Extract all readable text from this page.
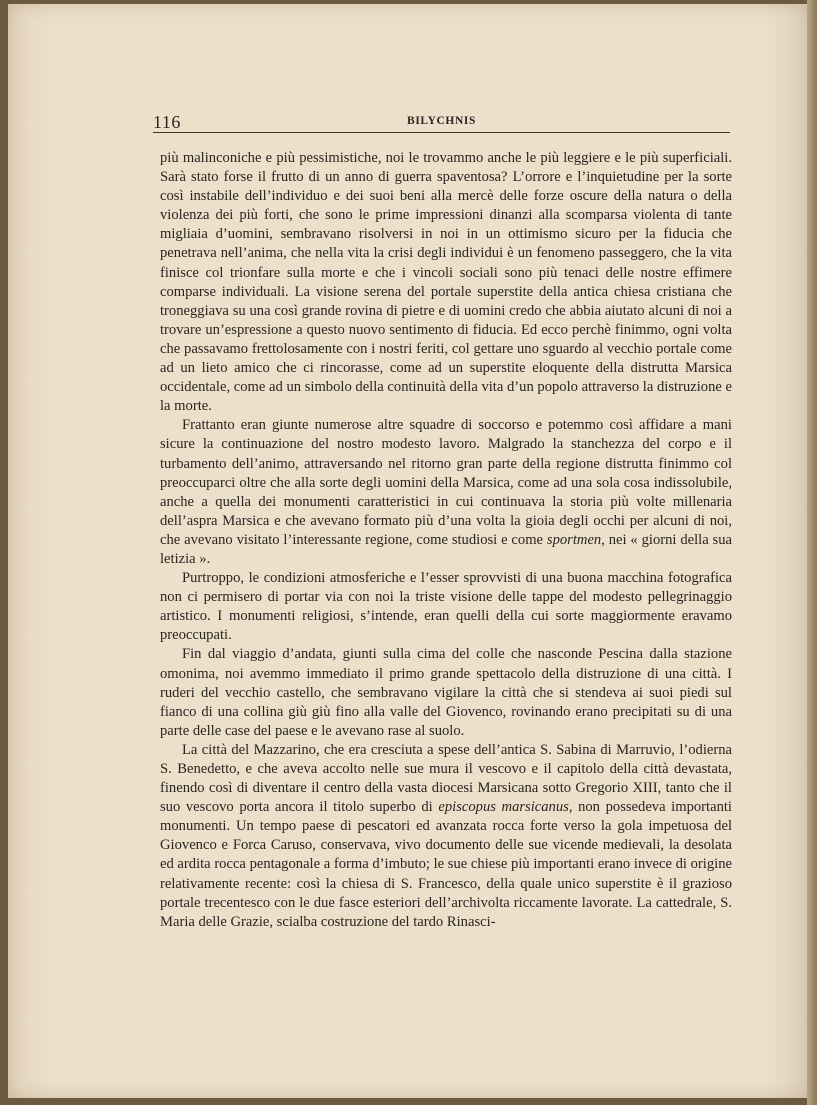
116	BILYCHNIS

più malinconiche e più pessimistiche, noi le trovammo anche le più leggiere e le più superficiali. Sarà stato forse il frutto di un anno di guerra spaventosa? L’orrore e l’inquietudine per la sorte così instabile dell’individuo e dei suoi beni alla mercè delle forze oscure della natura o della violenza dei più forti, che sono le prime impressioni dinanzi alla scomparsa violenta di tante migliaia d’uomini, sembravano risolversi in noi in un ottimismo sicuro per la fiducia che penetrava nell’anima, che nella vita la crisi degli individui è un fenomeno passeggero, che la vita finisce col trionfare sulla morte e che i vincoli sociali sono più tenaci delle nostre effimere comparse individuali. La visione serena del portale superstite della antica chiesa cristiana che troneggiava su una così grande rovina di pietre e di uomini credo che abbia aiutato alcuni di noi a trovare un’espressione a questo nuovo sentimento di fiducia. Ed ecco perchè finimmo, ogni volta che passavamo frettolosamente con i nostri feriti, col gettare uno sguardo al vecchio portale come ad un lieto amico che ci rincorasse, come ad un superstite eloquente della distrutta Marsica occidentale, come ad un simbolo della continuità della vita d’un popolo attraverso la distruzione e la morte.

Frattanto eran giunte numerose altre squadre di soccorso e potemmo così affidare a mani sicure la continuazione del nostro modesto lavoro. Malgrado la stanchezza del corpo e il turbamento dell’animo, attraversando nel ritorno gran parte della regione distrutta finimmo col preoccuparci oltre che alla sorte degli uomini della Marsica, come ad una sola cosa indissolubile, anche a quella dei monumenti caratteristici in cui continuava la storia più volte millenaria dell’aspra Marsica e che avevano formato più d’una volta la gioia degli occhi per alcuni di noi, che avevano visitato l’interessante regione, come studiosi e come sportmen, nei « giorni della sua letizia ».

Purtroppo, le condizioni atmosferiche e l’esser sprovvisti di una buona macchina fotografica non ci permisero di portar via con noi la triste visione delle tappe del modesto pellegrinaggio artistico. I monumenti religiosi, s’intende, eran quelli della cui sorte maggiormente eravamo preoccupati.

Fin dal viaggio d’andata, giunti sulla cima del colle che nasconde Pescina dalla stazione omonima, noi avemmo immediato il primo grande spettacolo della distruzione di una città. I ruderi del vecchio castello, che sembravano vigilare la città che si stendeva ai suoi piedi sul fianco di una collina giù giù fino alla valle del Giovenco, rovinando erano precipitati su di una parte delle case del paese e le avevano rase al suolo.

La città del Mazzarino, che era cresciuta a spese dell’antica S. Sabina di Marruvio, l’odierna S. Benedetto, e che aveva accolto nelle sue mura il vescovo e il capitolo della città devastata, finendo così di diventare il centro della vasta diocesi Marsicana sotto Gregorio XIII, tanto che il suo vescovo porta ancora il titolo superbo di episcopus marsicanus, non possedeva importanti monumenti. Un tempo paese di pescatori ed avanzata rocca forte verso la gola impetuosa del Giovenco e Forca Caruso, conservava, vivo documento delle sue vicende medievali, la desolata ed ardita rocca pentagonale a forma d’imbuto; le sue chiese più importanti erano invece di origine relativamente recente: così la chiesa di S. Francesco, della quale unico superstite è il grazioso portale trecentesco con le due fasce esteriori dell’archivolta riccamente lavorate. La cattedrale, S. Maria delle Grazie, scialba costruzione del tardo Rinasci-
